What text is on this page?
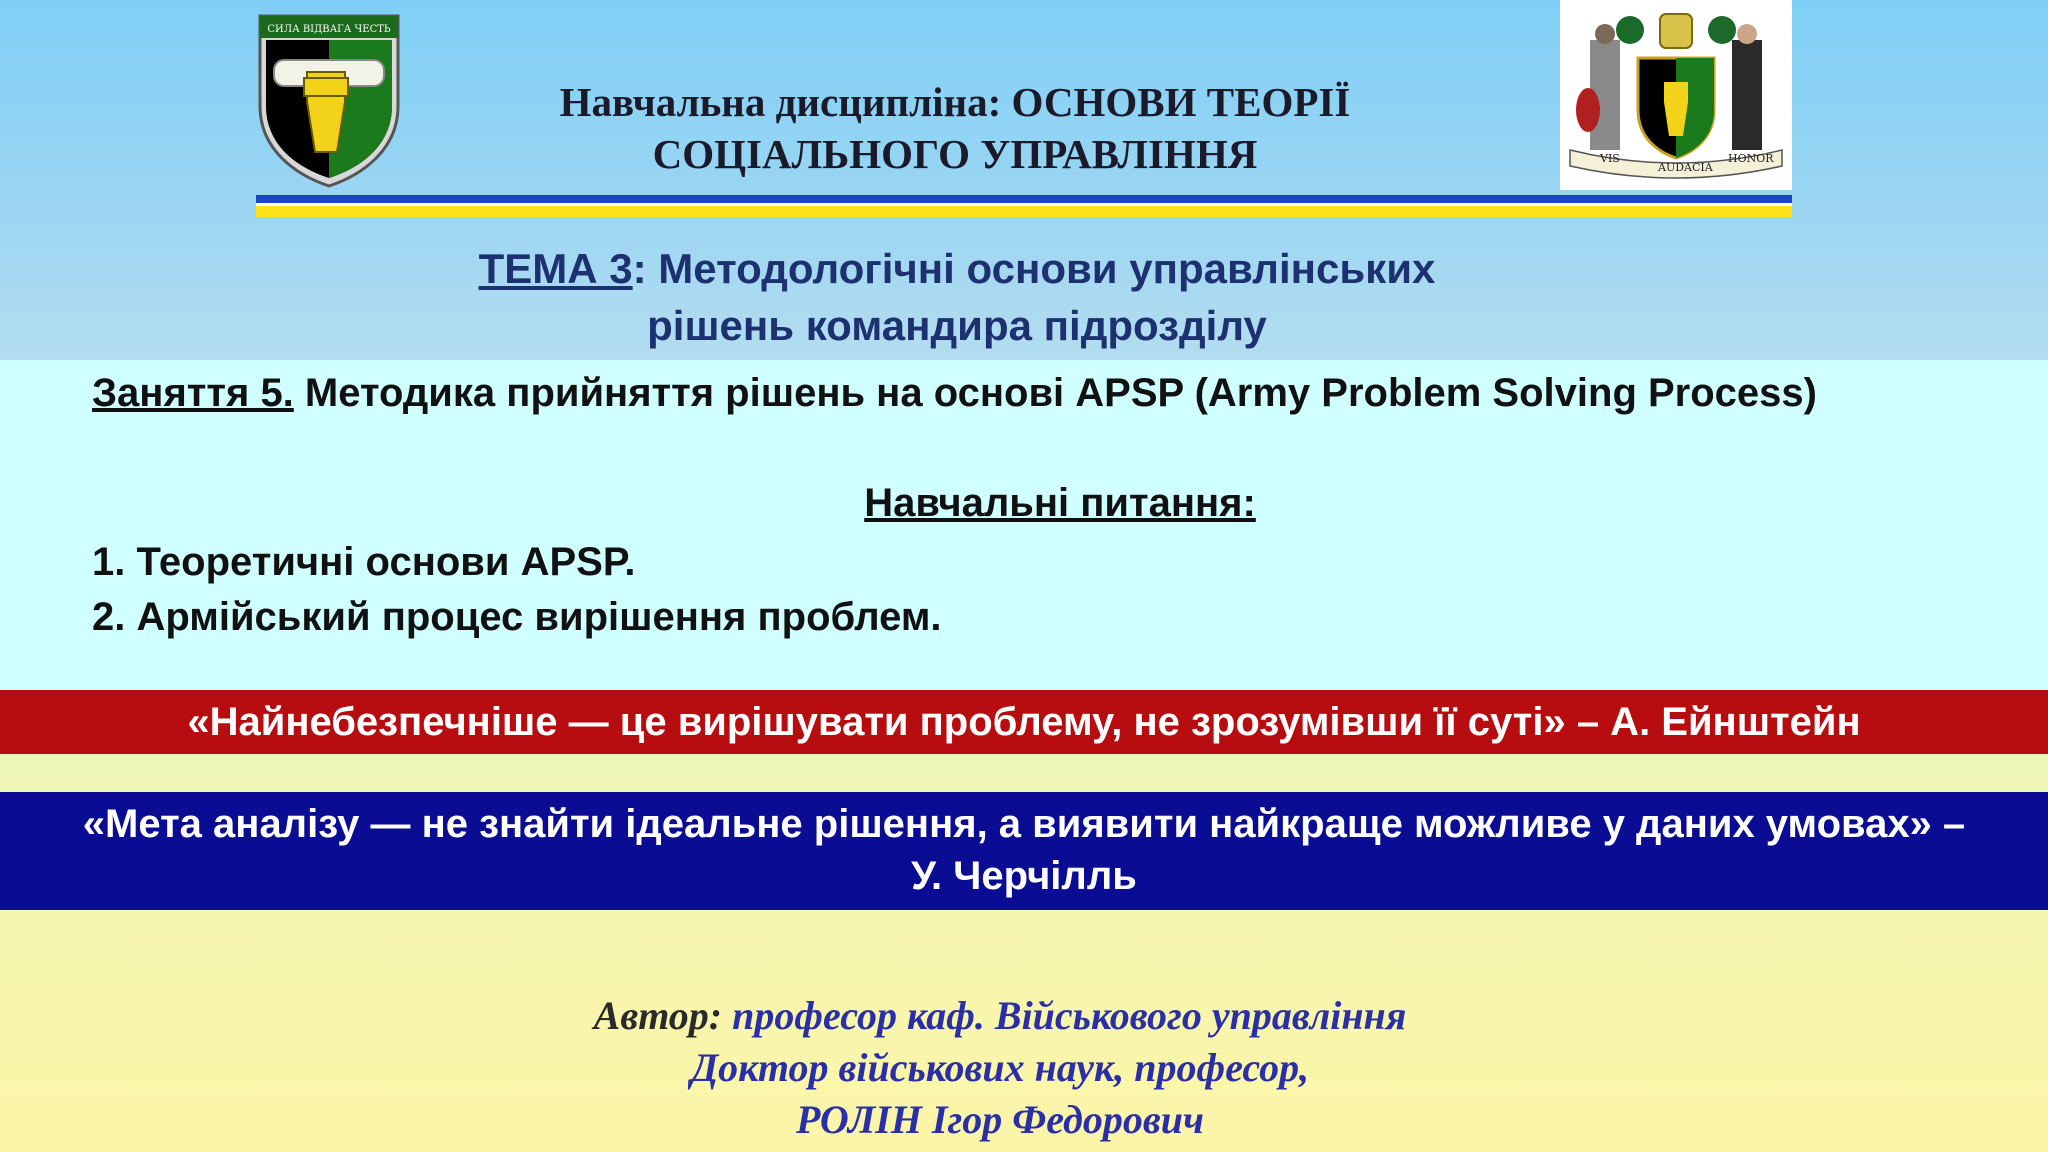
СИЛА ВІДВАГА ЧЕСТЬ
VIS
AUDACIA
HONOR
Навчальна дисципліна: ОСНОВИ ТЕОРІЇ
СОЦІАЛЬНОГО УПРАВЛІННЯ
ТЕМА 3: Методологічні основи управлінських
рішень командира підрозділу
Заняття 5. Методика прийняття рішень на основі APSP (Army Problem Solving Process)
Навчальні питання:
1. Теоретичні основи APSP.
2. Армійський процес вирішення проблем.
«Найнебезпечніше — це вирішувати проблему, не зрозумівши її суті» – А. Ейнштейн
«Мета аналізу — не знайти ідеальне рішення, а виявити найкраще можливе у даних умовах» –
У. Черчілль
Автор: професор каф. Військового управління
Доктор військових наук, професор,
РОЛІН Ігор Федорович
